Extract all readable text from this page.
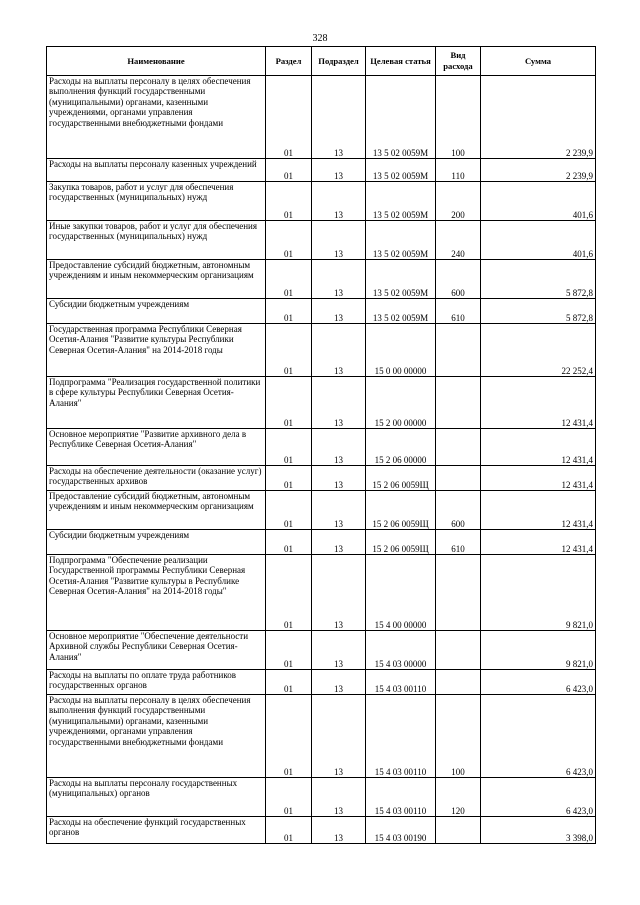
328
Наименование	Раздел	Подраздел	Целевая статья	Вид расхода	Сумма
Расходы на выплаты персоналу в целях обеспечения выполнения функций государственными (муниципальными) органами, казенными учреждениями, органами управления государственными внебюджетными фондами	01	13	13 5 02 0059М	100	2 239,9
Расходы на выплаты персоналу казенных учреждений	01	13	13 5 02 0059М	110	2 239,9
Закупка товаров, работ и услуг для обеспечения государственных (муниципальных) нужд	01	13	13 5 02 0059М	200	401,6
Иные закупки товаров, работ и услуг для обеспечения государственных (муниципальных) нужд	01	13	13 5 02 0059М	240	401,6
Предоставление субсидий бюджетным, автономным учреждениям и иным некоммерческим организациям	01	13	13 5 02 0059М	600	5 872,8
Субсидии бюджетным учреждениям	01	13	13 5 02 0059М	610	5 872,8
Государственная программа Республики Северная Осетия-Алания "Развитие культуры Республики Северная Осетия-Алания" на 2014-2018 годы	01	13	15 0 00 00000		22 252,4
Подпрограмма "Реализация государственной политики в сфере культуры Республики Северная Осетия-Алания"	01	13	15 2 00 00000		12 431,4
Основное мероприятие "Развитие архивного дела в Республике Северная Осетия-Алания"	01	13	15 2 06 00000		12 431,4
Расходы на обеспечение деятельности (оказание услуг) государственных архивов	01	13	15 2 06 0059Щ		12 431,4
Предоставление субсидий бюджетным, автономным учреждениям и иным некоммерческим организациям	01	13	15 2 06 0059Щ	600	12 431,4
Субсидии бюджетным учреждениям	01	13	15 2 06 0059Щ	610	12 431,4
Подпрограмма "Обеспечение реализации Государственной программы Республики Северная Осетия-Алания "Развитие культуры в Республике Северная Осетия-Алания" на 2014-2018 годы"	01	13	15 4 00 00000		9 821,0
Основное мероприятие "Обеспечение деятельности Архивной службы Республики Северная Осетия-Алания"	01	13	15 4 03 00000		9 821,0
Расходы на выплаты по оплате труда работников государственных органов	01	13	15 4 03 00110		6 423,0
Расходы на выплаты персоналу в целях обеспечения выполнения функций государственными (муниципальными) органами, казенными учреждениями, органами управления государственными внебюджетными фондами	01	13	15 4 03 00110	100	6 423,0
Расходы на выплаты персоналу государственных (муниципальных) органов	01	13	15 4 03 00110	120	6 423,0
Расходы на обеспечение функций государственных органов	01	13	15 4 03 00190		3 398,0
